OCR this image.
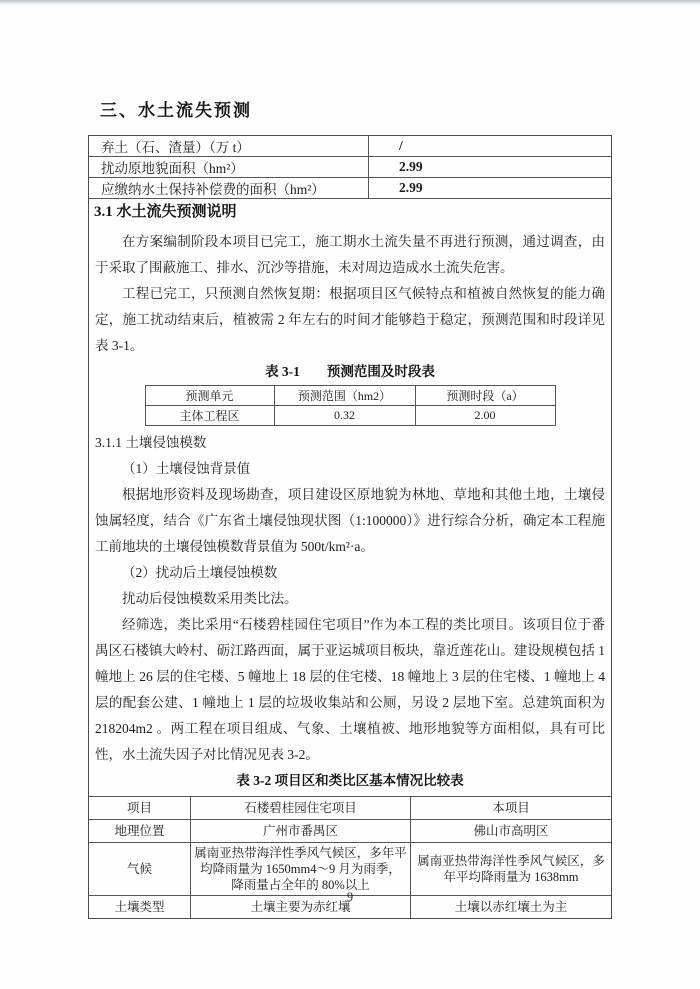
三、水土流失预测
弃土（石、渣量）（万 t）	/
扰动原地貌面积（hm²）	2.99
应缴纳水土保持补偿费的面积（hm²）	2.99
3.1 水土流失预测说明

在方案编制阶段本项目已完工，施工期水土流失量不再进行预测，通过调查，由于采取了围蔽施工、排水、沉沙等措施，未对周边造成水土流失危害。

工程已完工，只预测自然恢复期：根据项目区气候特点和植被自然恢复的能力确定，施工扰动结束后，植被需 2 年左右的时间才能够趋于稳定，预测范围和时段详见表 3-1。

表 3-1　　预测范围及时段表
预测单元	预测范围（hm2）	预测时段（a）
主体工程区	0.32	2.00

3.1.1 土壤侵蚀模数

（1）土壤侵蚀背景值

根据地形资料及现场勘查，项目建设区原地貌为林地、草地和其他土地，土壤侵蚀属轻度，结合《广东省土壤侵蚀现状图（1:100000）》进行综合分析，确定本工程施工前地块的土壤侵蚀模数背景值为 500t/km²·a。

（2）扰动后土壤侵蚀模数

扰动后侵蚀模数采用类比法。

经筛选，类比采用“石楼碧桂园住宅项目”作为本工程的类比项目。该项目位于番禺区石楼镇大岭村、砺江路西面，属于亚运城项目板块，靠近莲花山。建设规模包括 1 幢地上 26 层的住宅楼、5 幢地上 18 层的住宅楼、18 幢地上 3 层的住宅楼、1 幢地上 4 层的配套公建、1 幢地上 1 层的垃圾收集站和公厕，另设 2 层地下室。总建筑面积为 218204m2 。两工程在项目组成、气象、土壤植被、地形地貌等方面相似，具有可比性，水土流失因子对比情况见表 3-2。

表 3-2 项目区和类比区基本情况比较表
项目	石楼碧桂园住宅项目	本项目
地理位置	广州市番禺区	佛山市高明区
气候	属南亚热带海洋性季风气候区，多年平均降雨量为 1650mm4～9 月为雨季，降雨量占全年的 80%以上	属南亚热带海洋性季风气候区，多年平均降雨量为 1638mm
土壤类型	土壤主要为赤红壤	土壤以赤红壤土为主
9
